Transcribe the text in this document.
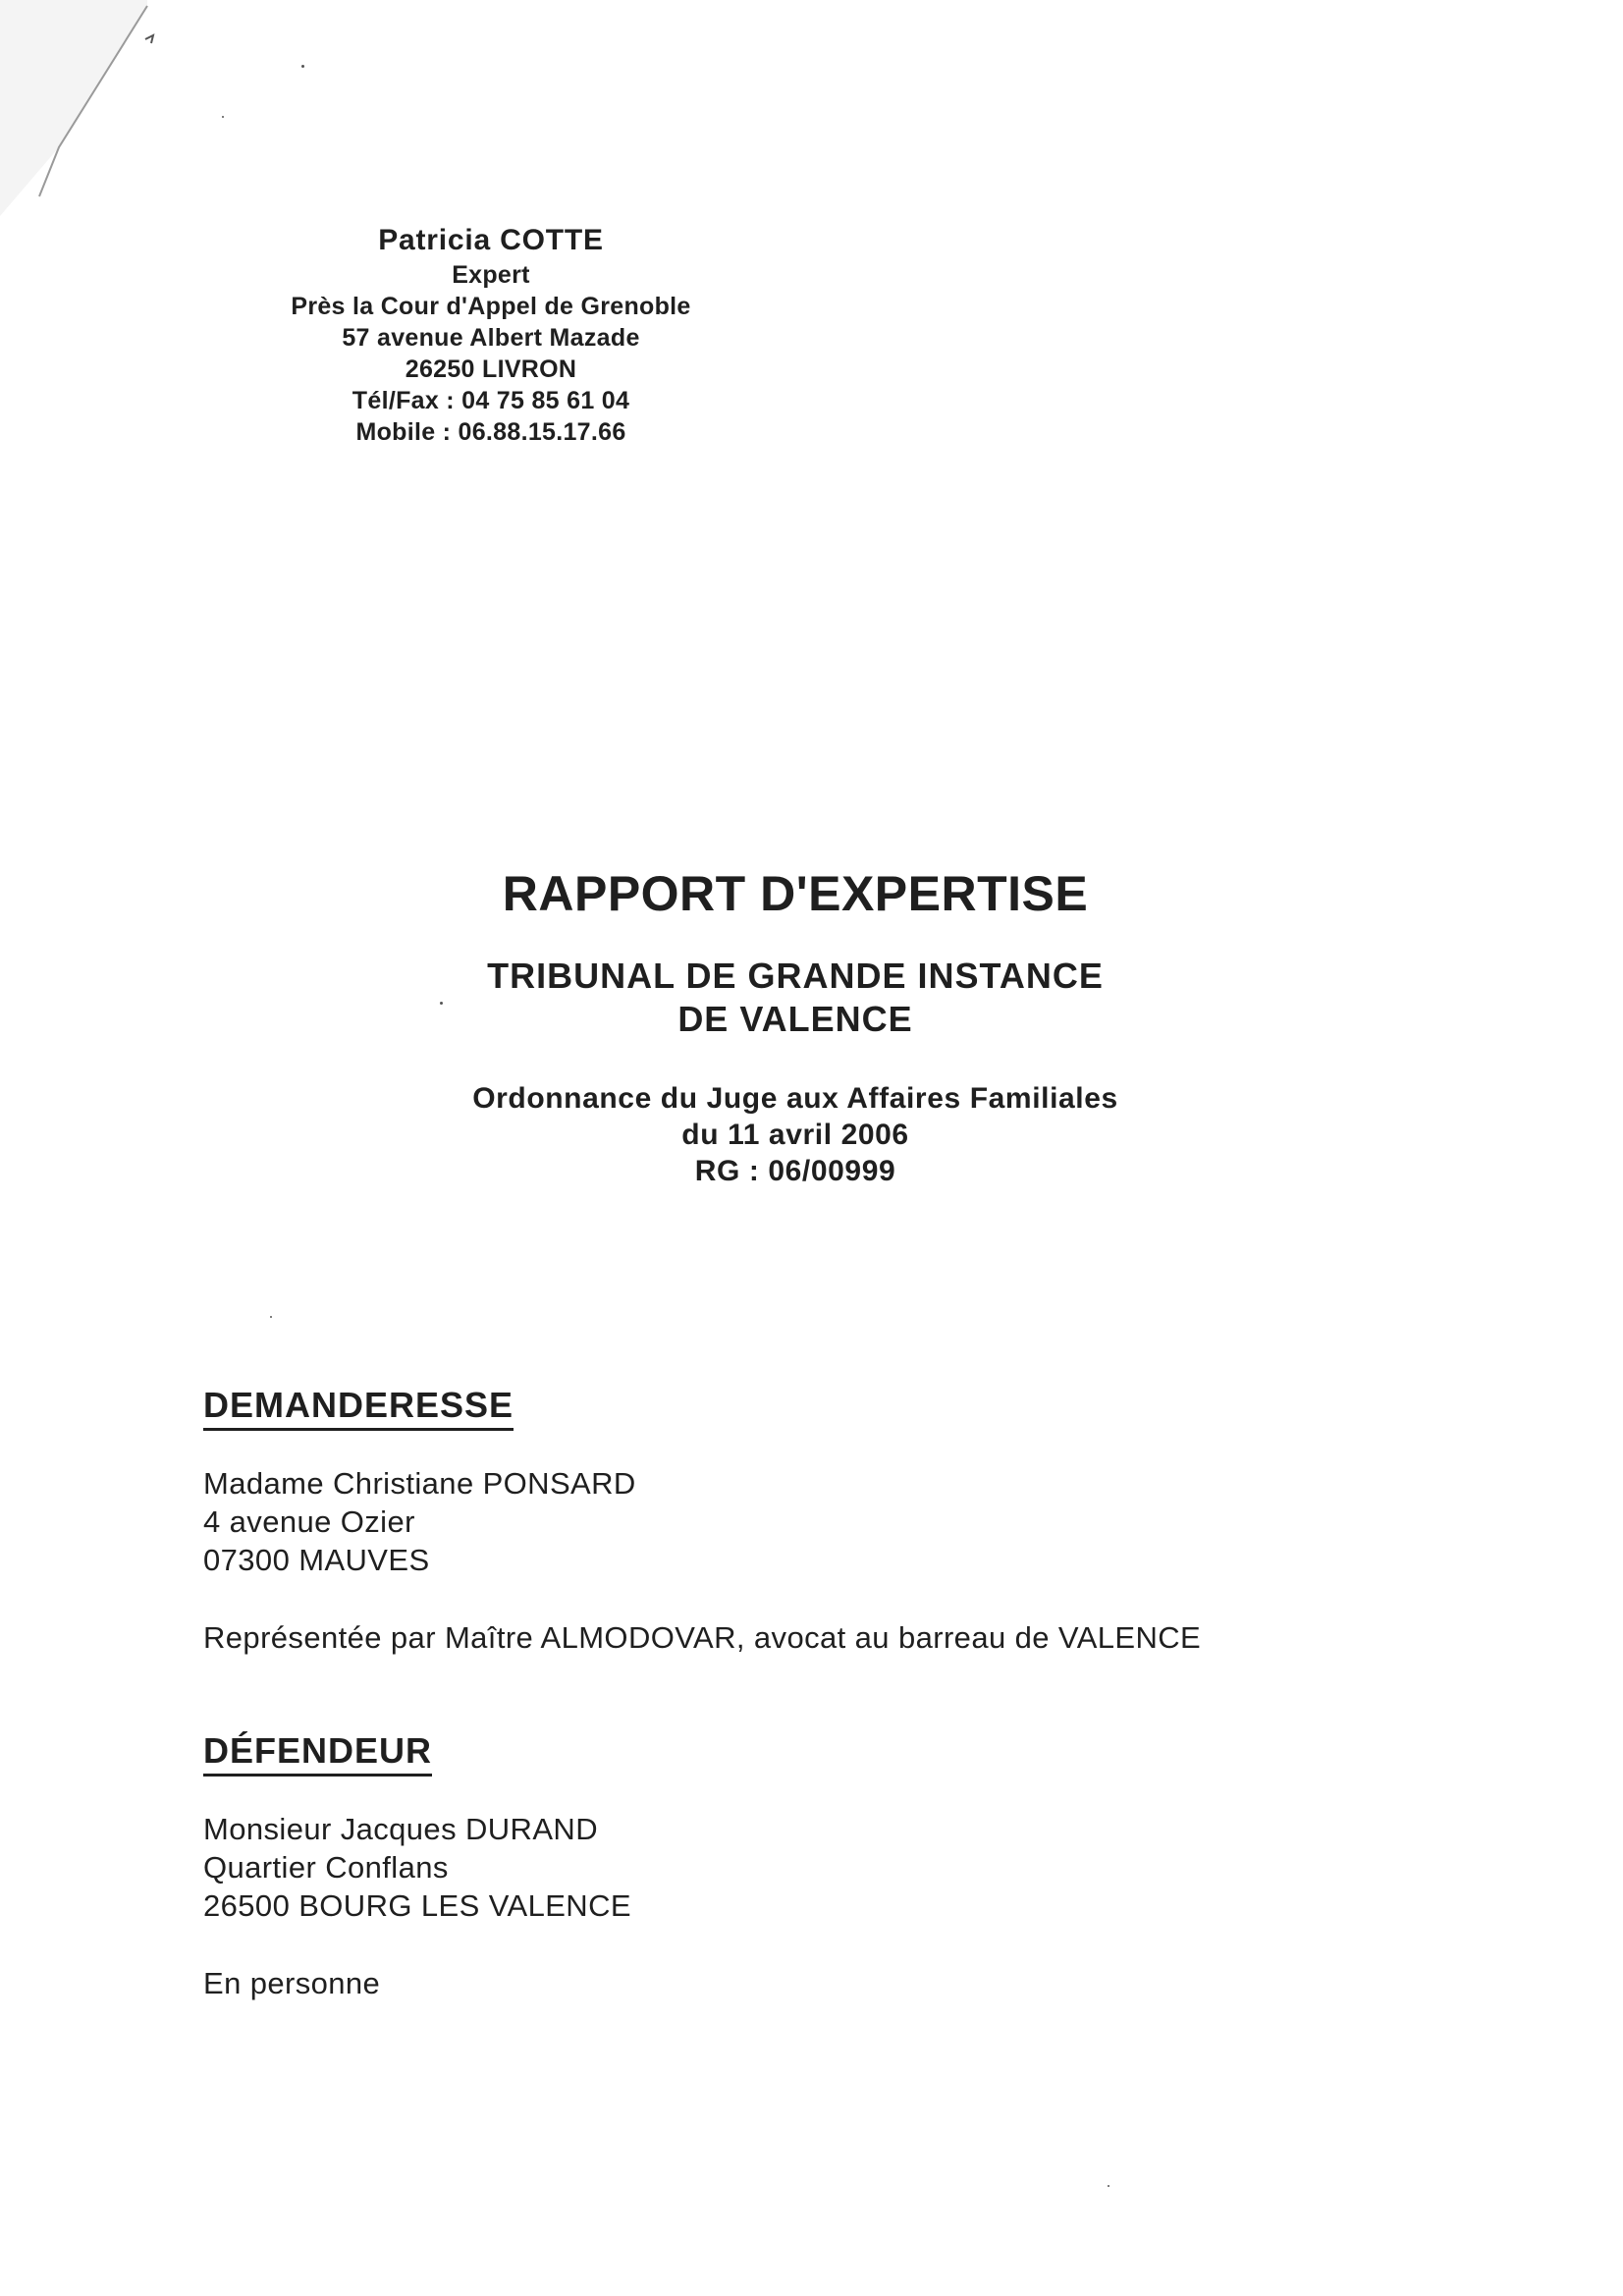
Patricia COTTE
Expert
Près la Cour d'Appel de Grenoble
57 avenue Albert Mazade
26250 LIVRON
Tél/Fax : 04 75 85 61 04
Mobile : 06.88.15.17.66
RAPPORT D'EXPERTISE
TRIBUNAL DE GRANDE INSTANCE
DE VALENCE
Ordonnance du Juge aux Affaires Familiales
du 11 avril 2006
RG : 06/00999
DEMANDERESSE
Madame Christiane PONSARD
4 avenue Ozier
07300 MAUVES
Représentée par Maître ALMODOVAR, avocat au barreau de VALENCE
DÉFENDEUR
Monsieur Jacques DURAND
Quartier Conflans
26500 BOURG LES VALENCE
En personne
